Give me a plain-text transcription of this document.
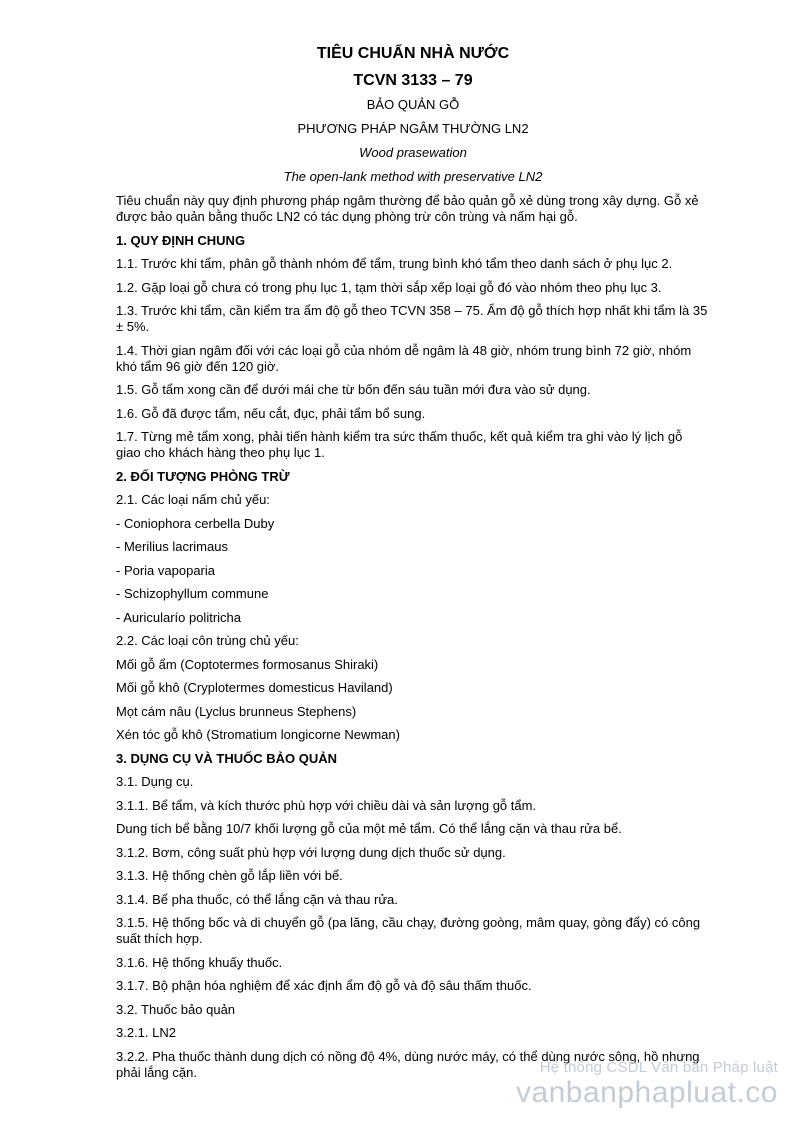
TIÊU CHUẨN NHÀ NƯỚC
TCVN 3133 – 79
BẢO QUẢN GỖ
PHƯƠNG PHÁP NGÂM THƯỜNG LN2
Wood prasewation
The open-lank method with preservative LN2
Tiêu chuẩn này quy định phương pháp ngâm thường để bảo quản gỗ xẻ dùng trong xây dựng. Gỗ xẻ được bảo quản bằng thuốc LN2 có tác dụng phòng trừ côn trùng và nấm hại gỗ.
1. QUY ĐỊNH CHUNG
1.1. Trước khi tẩm, phân gỗ thành nhóm để tẩm, trung bình khó tẩm theo danh sách ở phụ lục 2.
1.2. Gặp loại gỗ chưa có trong phụ lục 1, tạm thời sắp xếp loại gỗ đó vào nhóm theo phụ lục 3.
1.3. Trước khi tẩm, cần kiểm tra ẩm độ gỗ theo TCVN 358 – 75. Ẩm độ gỗ thích hợp nhất khi tẩm là 35 ± 5%.
1.4. Thời gian ngâm đối với các loại gỗ của nhóm dễ ngâm là 48 giờ, nhóm trung bình 72 giờ, nhóm khó tẩm 96 giờ đến 120 giờ.
1.5. Gỗ tẩm xong cần để dưới mái che từ bốn đến sáu tuần mới đưa vào sử dụng.
1.6. Gỗ đã được tẩm, nếu cắt, đục, phải tẩm bổ sung.
1.7. Từng mẻ tẩm xong, phải tiến hành kiểm tra sức thấm thuốc, kết quả kiểm tra ghi vào lý lịch gỗ giao cho khách hàng theo phụ lục 1.
2. ĐỐI TƯỢNG PHÒNG TRỪ
2.1. Các loại nấm chủ yếu:
- Coniophora cerbella Duby
- Merilius lacrimaus
- Poria vapoparia
- Schizophyllum commune
- Auricularío politricha
2.2. Các loại côn trùng chủ yếu:
Mối gỗ ẩm (Coptotermes formosanus Shiraki)
Mối gỗ khô (Cryplotermes domesticus Haviland)
Mọt cám nâu (Lyclus brunneus Stephens)
Xén tóc gỗ khô (Stromatium longicorne Newman)
3. DỤNG CỤ VÀ THUỐC BẢO QUẢN
3.1. Dụng cụ.
3.1.1. Bể tẩm, và kích thước phù hợp với chiều dài và sản lượng gỗ tẩm.
Dung tích bể bằng 10/7 khối lượng gỗ của một mẻ tẩm. Có thể lắng cặn và thau rửa bể.
3.1.2. Bơm, công suất phù hợp với lượng dung dịch thuốc sử dụng.
3.1.3. Hệ thống chèn gỗ lắp liền với bể.
3.1.4. Bể pha thuốc, có thể lắng cặn và thau rửa.
3.1.5. Hệ thống bốc và di chuyển gỗ (pa lăng, cầu chạy, đường goòng, mâm quay, gòng đẩy) có công suất thích hợp.
3.1.6. Hệ thống khuấy thuốc.
3.1.7. Bộ phận hóa nghiệm để xác định ẩm độ gỗ và độ sâu thấm thuốc.
3.2. Thuốc bảo quản
3.2.1. LN2
3.2.2. Pha thuốc thành dung dịch có nồng độ 4%, dùng nước máy, có thể dùng nước sông, hồ nhưng phải lắng cặn.	Hệ thống CSDL Văn bản Pháp luật
vanbanphapluat.co
